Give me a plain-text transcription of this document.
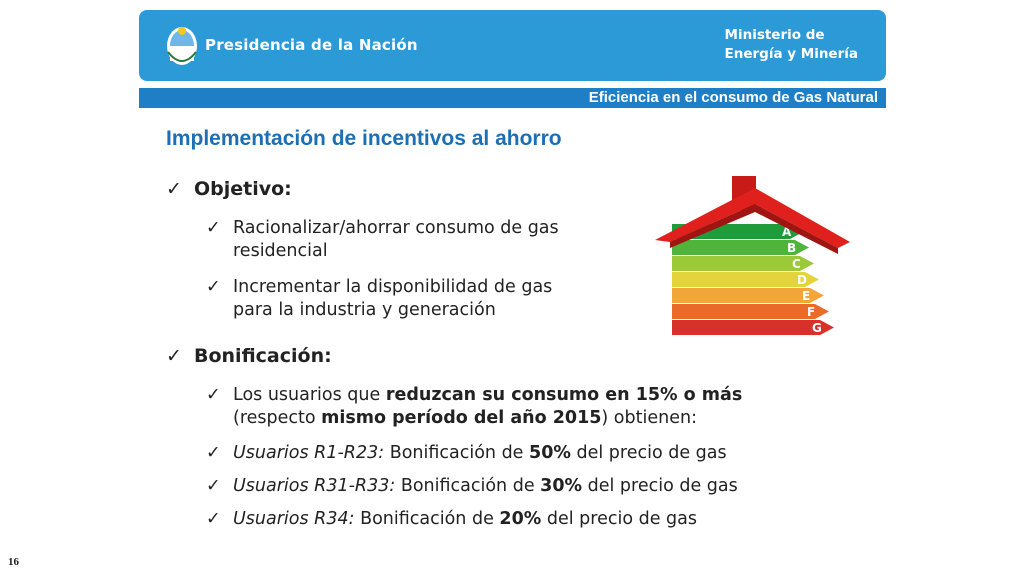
Presidencia de la Nación
Ministerio de
Energía y Minería
Eficiencia en el consumo de Gas Natural
Implementación de incentivos al ahorro
✓ Objetivo:
✓ Racionalizar/ahorrar consumo de gas
residencial
✓ Incrementar la disponibilidad de gas
para la industria y generación
✓ Bonificación:
✓ Los usuarios que reduzcan su consumo en 15% o más
(respecto mismo período del año 2015) obtienen:
✓ Usuarios R1-R23: Bonificación de 50% del precio de gas
✓ Usuarios R31-R33: Bonificación de 30% del precio de gas
✓ Usuarios R34: Bonificación de 20% del precio de gas
A
B
C
D
E
F
G
16
